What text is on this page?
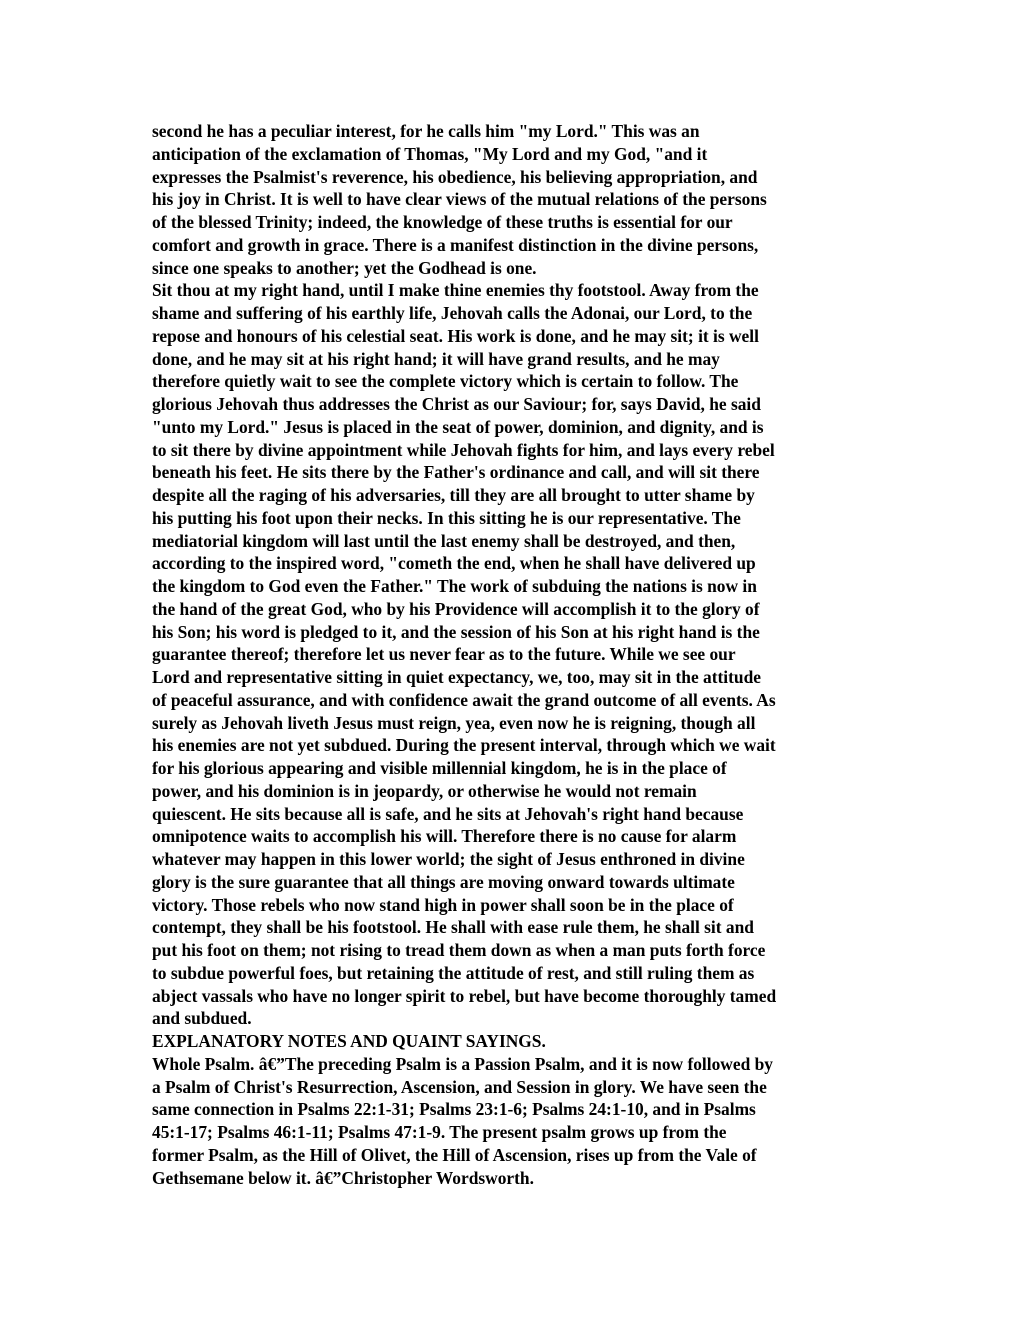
second he has a peculiar interest, for he calls him "my Lord." This was an
anticipation of the exclamation of Thomas, "My Lord and my God, "and it
expresses the Psalmist's reverence, his obedience, his believing appropriation, and
his joy in Christ. It is well to have clear views of the mutual relations of the persons
of the blessed Trinity; indeed, the knowledge of these truths is essential for our
comfort and growth in grace. There is a manifest distinction in the divine persons,
since one speaks to another; yet the Godhead is one.
Sit thou at my right hand, until I make thine enemies thy footstool. Away from the
shame and suffering of his earthly life, Jehovah calls the Adonai, our Lord, to the
repose and honours of his celestial seat. His work is done, and he may sit; it is well
done, and he may sit at his right hand; it will have grand results, and he may
therefore quietly wait to see the complete victory which is certain to follow. The
glorious Jehovah thus addresses the Christ as our Saviour; for, says David, he said
"unto my Lord." Jesus is placed in the seat of power, dominion, and dignity, and is
to sit there by divine appointment while Jehovah fights for him, and lays every rebel
beneath his feet. He sits there by the Father's ordinance and call, and will sit there
despite all the raging of his adversaries, till they are all brought to utter shame by
his putting his foot upon their necks. In this sitting he is our representative. The
mediatorial kingdom will last until the last enemy shall be destroyed, and then,
according to the inspired word, "cometh the end, when he shall have delivered up
the kingdom to God even the Father." The work of subduing the nations is now in
the hand of the great God, who by his Providence will accomplish it to the glory of
his Son; his word is pledged to it, and the session of his Son at his right hand is the
guarantee thereof; therefore let us never fear as to the future. While we see our
Lord and representative sitting in quiet expectancy, we, too, may sit in the attitude
of peaceful assurance, and with confidence await the grand outcome of all events. As
surely as Jehovah liveth Jesus must reign, yea, even now he is reigning, though all
his enemies are not yet subdued. During the present interval, through which we wait
for his glorious appearing and visible millennial kingdom, he is in the place of
power, and his dominion is in jeopardy, or otherwise he would not remain
quiescent. He sits because all is safe, and he sits at Jehovah's right hand because
omnipotence waits to accomplish his will. Therefore there is no cause for alarm
whatever may happen in this lower world; the sight of Jesus enthroned in divine
glory is the sure guarantee that all things are moving onward towards ultimate
victory. Those rebels who now stand high in power shall soon be in the place of
contempt, they shall be his footstool. He shall with ease rule them, he shall sit and
put his foot on them; not rising to tread them down as when a man puts forth force
to subdue powerful foes, but retaining the attitude of rest, and still ruling them as
abject vassals who have no longer spirit to rebel, but have become thoroughly tamed
and subdued.
EXPLANATORY NOTES AND QUAINT SAYINGS.
Whole Psalm. â€”The preceding Psalm is a Passion Psalm, and it is now followed by
a Psalm of Christ's Resurrection, Ascension, and Session in glory. We have seen the
same connection in Psalms 22:1-31; Psalms 23:1-6; Psalms 24:1-10, and in Psalms
45:1-17; Psalms 46:1-11; Psalms 47:1-9. The present psalm grows up from the
former Psalm, as the Hill of Olivet, the Hill of Ascension, rises up from the Vale of
Gethsemane below it. â€”Christopher Wordsworth.
